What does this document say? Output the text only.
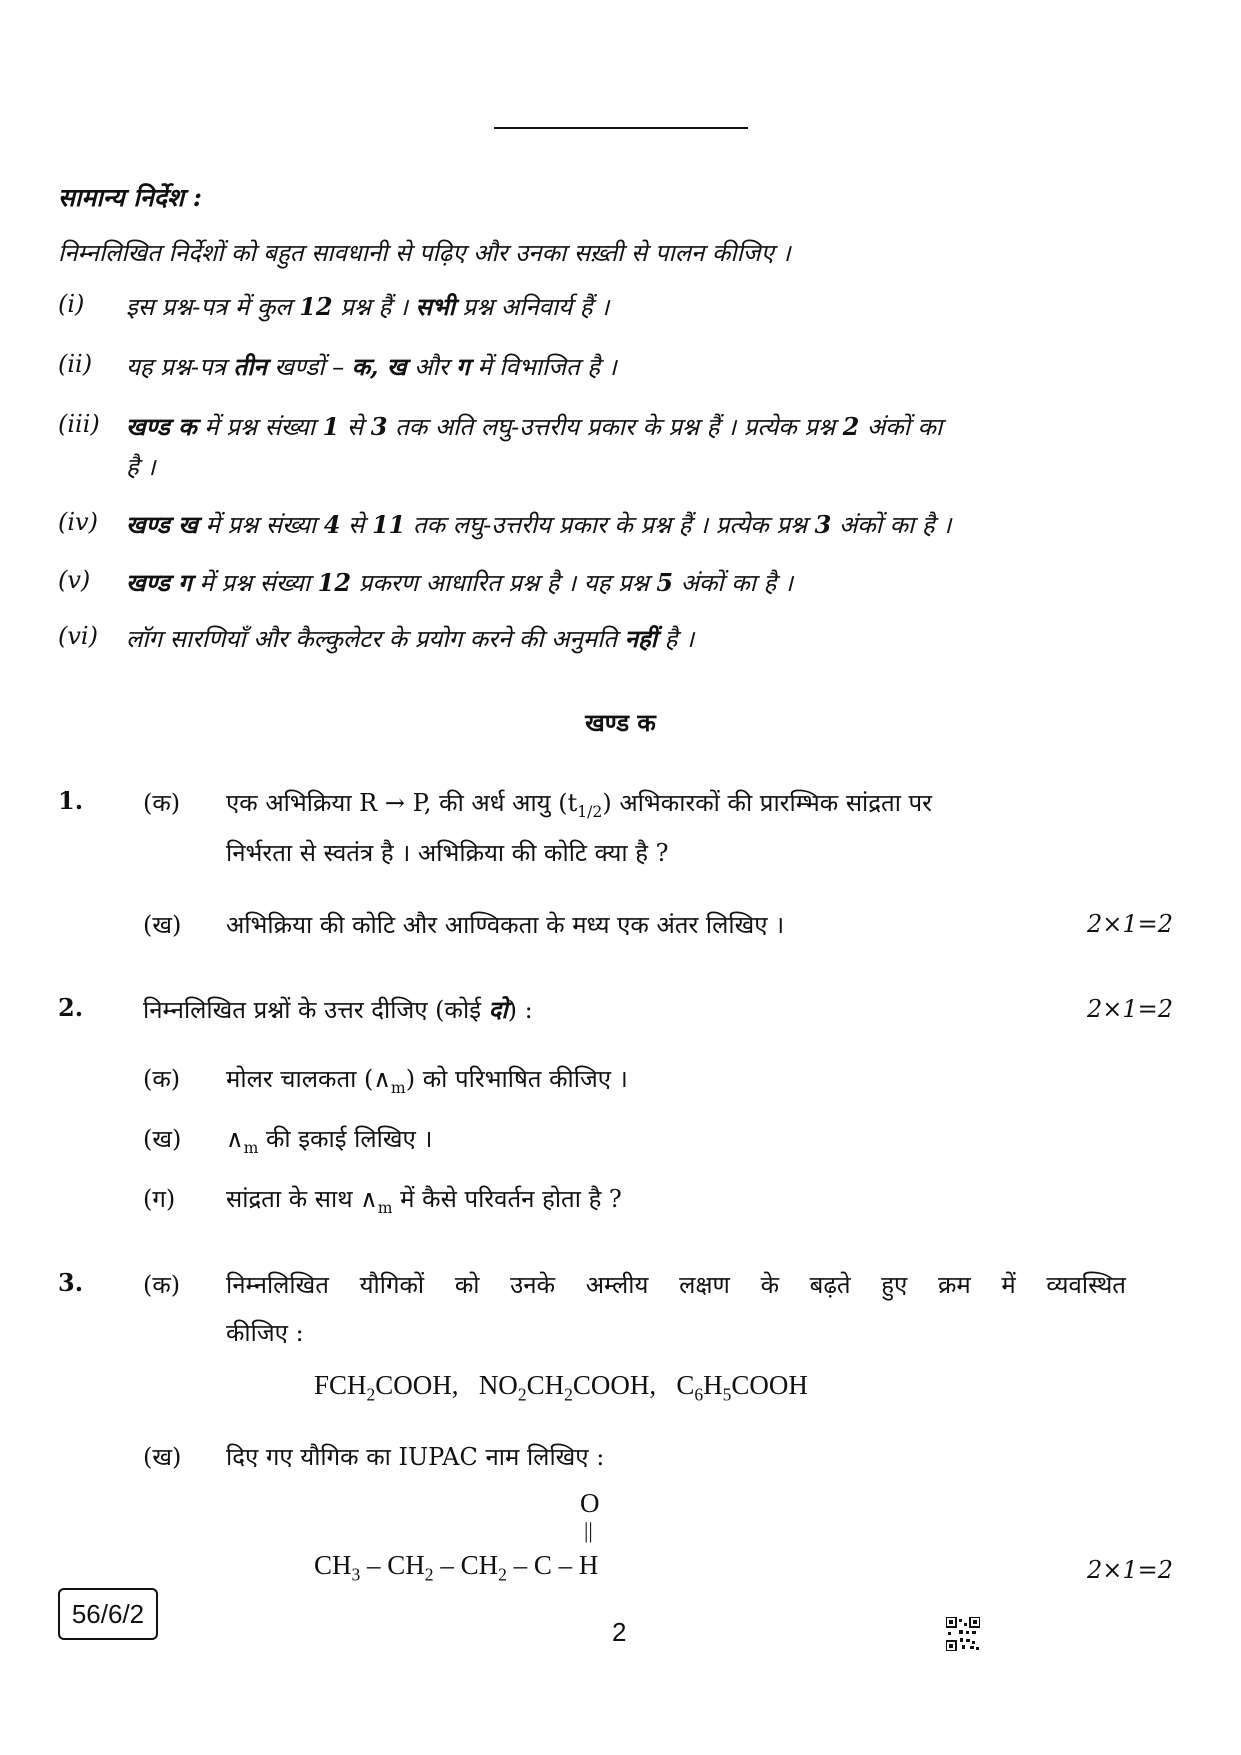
सामान्य निर्देश :
निम्नलिखित निर्देशों को बहुत सावधानी से पढ़िए और उनका सख़्ती से पालन कीजिए ।
(i) इस प्रश्न-पत्र में कुल 12 प्रश्न हैं । सभी प्रश्न अनिवार्य हैं ।
(ii) यह प्रश्न-पत्र तीन खण्डों – क, ख और ग में विभाजित है ।
(iii) खण्ड क में प्रश्न संख्या 1 से 3 तक अति लघु-उत्तरीय प्रकार के प्रश्न हैं । प्रत्येक प्रश्न 2 अंकों का
है ।
(iv) खण्ड ख में प्रश्न संख्या 4 से 11 तक लघु-उत्तरीय प्रकार के प्रश्न हैं । प्रत्येक प्रश्न 3 अंकों का है ।
(v) खण्ड ग में प्रश्न संख्या 12 प्रकरण आधारित प्रश्न है । यह प्रश्न 5 अंकों का है ।
(vi) लॉग सारणियाँ और कैल्कुलेटर के प्रयोग करने की अनुमति नहीं है ।
खण्ड क
1. (क) एक अभिक्रिया R → P, की अर्ध आयु $(t_{1/2})$ अभिकारकों की प्रारम्भिक सांद्रता पर
निर्भरता से स्वतंत्र है । अभिक्रिया की कोटि क्या है ?
(ख) अभिक्रिया की कोटि और आण्विकता के मध्य एक अंतर लिखिए ।	2×1=2
2. निम्नलिखित प्रश्नों के उत्तर दीजिए (कोई दो) :	2×1=2
(क) मोलर चालकता $(\wedge_m)$ को परिभाषित कीजिए ।
(ख) $\wedge_m$ की इकाई लिखिए ।
(ग) सांद्रता के साथ $\wedge_m$ में कैसे परिवर्तन होता है ?
3. (क) निम्नलिखित यौगिकों को उनके अम्लीय लक्षण के बढ़ते हुए क्रम में व्यवस्थित
कीजिए :
$FCH_2COOH$, $NO_2CH_2COOH$, $C_6H_5COOH$
(ख) दिए गए यौगिक का IUPAC नाम लिखिए :
O
||
$CH_3 - CH_2 - CH_2$ – C – H	2×1=2
56/6/2
2
